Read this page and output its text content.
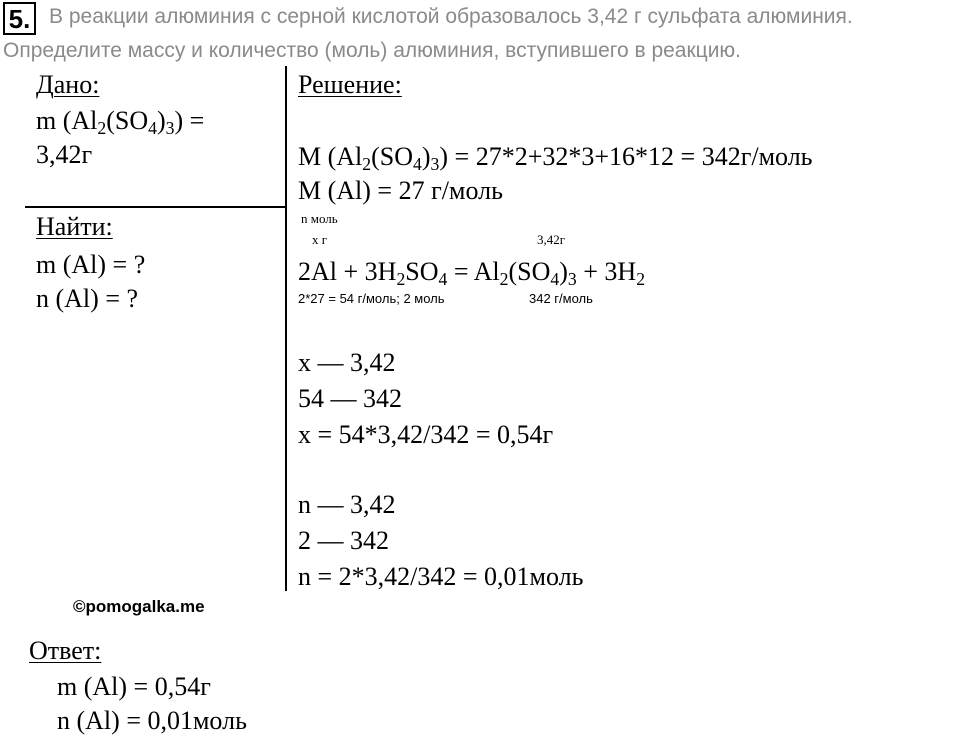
5. В реакции алюминия с серной кислотой образовалось 3,42 г сульфата алюминия.
Определите массу и количество (моль) алюминия, вступившего в реакцию.
Дано:
m $(Al_2(SO_4)_3)$ =
3,42г
Найти:
m (Al) = ?
n (Al) = ?
Решение:
M $(Al_2(SO_4)_3) = 27*2+32*3+16*12$ = 342г/моль
M (Al) = 27 г/моль
n моль
x г	3,42г
$2Al + 3H_2SO_4 = Al_2(SO_4)_3 + 3H_2$
2*27 = 54 г/моль; 2 моль	342 г/моль
x — 3,42
54 — 342
x = 54*3,42/342 = 0,54г
n — 3,42
2 — 342
n = 2*3,42/342 = 0,01моль
©pomogalka.me
Ответ:
m (Al) = 0,54г
n (Al) = 0,01моль
